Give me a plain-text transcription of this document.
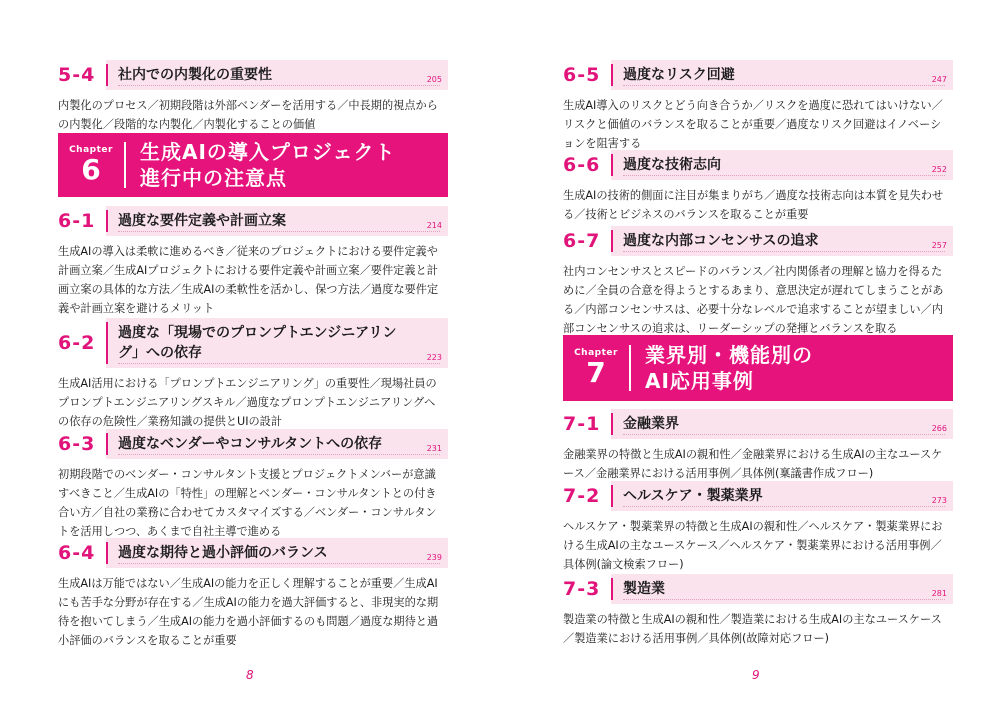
5-4	社内での内製化の重要性	205
内製化のプロセス／初期段階は外部ベンダーを活用する／中長期的視点からの内製化／段階的な内製化／内製化することの価値
Chapter
6
生成AIの導入プロジェクト
進行中の注意点
6-1	過度な要件定義や計画立案	214
生成AIの導入は柔軟に進めるべき／従来のプロジェクトにおける要件定義や計画立案／生成AIプロジェクトにおける要件定義や計画立案／要件定義と計画立案の具体的な方法／生成AIの柔軟性を活かし、保つ方法／過度な要件定義や計画立案を避けるメリット
6-2	過度な「現場でのプロンプトエンジニアリング」への依存	223
生成AI活用における「プロンプトエンジニアリング」の重要性／現場社員のプロンプトエンジニアリングスキル／過度なプロンプトエンジニアリングへの依存の危険性／業務知識の提供とUIの設計
6-3	過度なベンダーやコンサルタントへの依存	231
初期段階でのベンダー・コンサルタント支援とプロジェクトメンバーが意識すべきこと／生成AIの「特性」の理解とベンダー・コンサルタントとの付き合い方／自社の業務に合わせてカスタマイズする／ベンダー・コンサルタントを活用しつつ、あくまで自社主導で進める
6-4	過度な期待と過小評価のバランス	239
生成AIは万能ではない／生成AIの能力を正しく理解することが重要／生成AIにも苦手な分野が存在する／生成AIの能力を過大評価すると、非現実的な期待を抱いてしまう／生成AIの能力を過小評価するのも問題／過度な期待と過小評価のバランスを取ることが重要
8
6-5	過度なリスク回避	247
生成AI導入のリスクとどう向き合うか／リスクを過度に恐れてはいけない／リスクと価値のバランスを取ることが重要／過度なリスク回避はイノベーションを阻害する
6-6	過度な技術志向	252
生成AIの技術的側面に注目が集まりがち／過度な技術志向は本質を見失わせる／技術とビジネスのバランスを取ることが重要
6-7	過度な内部コンセンサスの追求	257
社内コンセンサスとスピードのバランス／社内関係者の理解と協力を得るために／全員の合意を得ようとするあまり、意思決定が遅れてしまうことがある／内部コンセンサスは、必要十分なレベルで追求することが望ましい／内部コンセンサスの追求は、リーダーシップの発揮とバランスを取る
Chapter
7
業界別・機能別の
AI応用事例
7-1	金融業界	266
金融業界の特徴と生成AIの親和性／金融業界における生成AIの主なユースケース／金融業界における活用事例／具体例(稟議書作成フロー)
7-2	ヘルスケア・製薬業界	273
ヘルスケア・製薬業界の特徴と生成AIの親和性／ヘルスケア・製薬業界における生成AIの主なユースケース／ヘルスケア・製薬業界における活用事例／具体例(論文検索フロー)
7-3	製造業	281
製造業の特徴と生成AIの親和性／製造業における生成AIの主なユースケース／製造業における活用事例／具体例(故障対応フロー)
9
